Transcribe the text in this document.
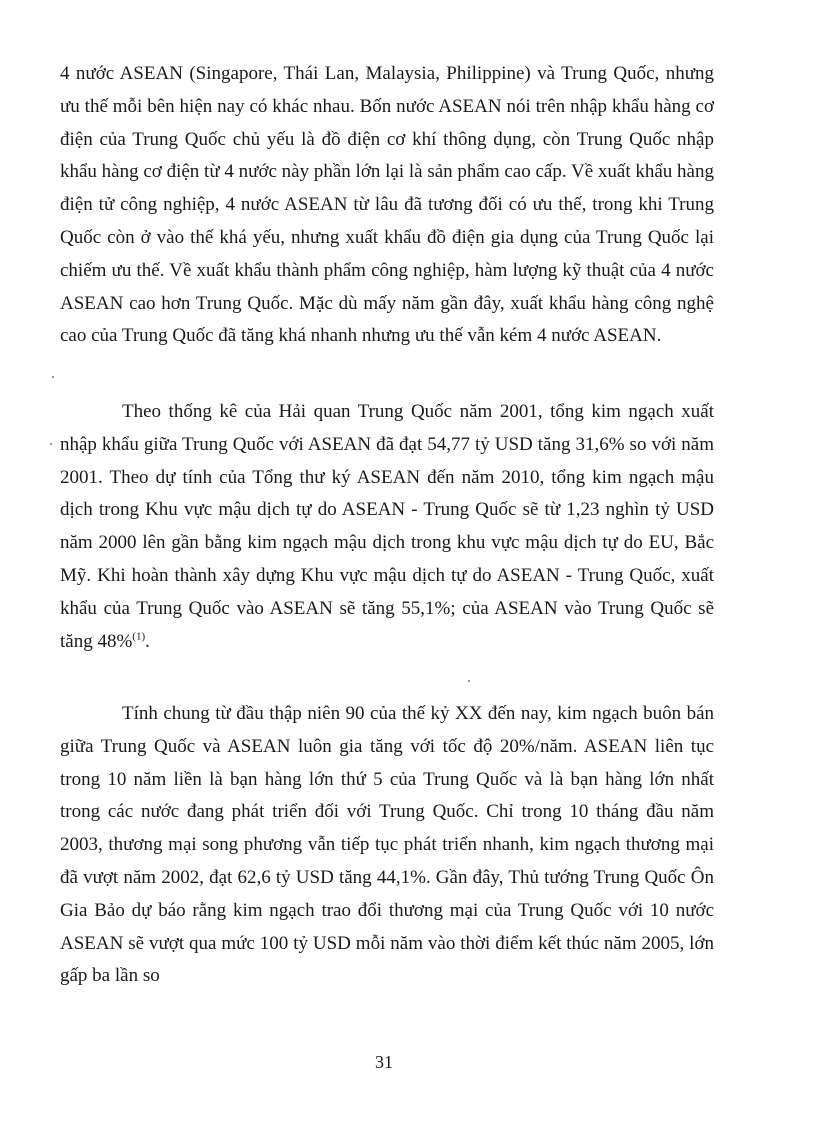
4 nước ASEAN (Singapore, Thái Lan, Malaysia, Philippine) và Trung Quốc, nhưng ưu thế mỗi bên hiện nay có khác nhau. Bốn nước ASEAN nói trên nhập khẩu hàng cơ điện của Trung Quốc chủ yếu là đồ điện cơ khí thông dụng, còn Trung Quốc nhập khẩu hàng cơ điện từ 4 nước này phần lớn lại là sản phẩm cao cấp. Về xuất khẩu hàng điện tử công nghiệp, 4 nước ASEAN từ lâu đã tương đối có ưu thế, trong khi Trung Quốc còn ở vào thế khá yếu, nhưng xuất khẩu đồ điện gia dụng của Trung Quốc lại chiếm ưu thế. Về xuất khẩu thành phẩm công nghiệp, hàm lượng kỹ thuật của 4 nước ASEAN cao hơn Trung Quốc. Mặc dù mấy năm gần đây, xuất khẩu hàng công nghệ cao của Trung Quốc đã tăng khá nhanh nhưng ưu thế vẫn kém 4 nước ASEAN.

Theo thống kê của Hải quan Trung Quốc năm 2001, tổng kim ngạch xuất nhập khẩu giữa Trung Quốc với ASEAN đã đạt 54,77 tỷ USD tăng 31,6% so với năm 2001. Theo dự tính của Tổng thư ký ASEAN đến năm 2010, tổng kim ngạch mậu dịch trong Khu vực mậu dịch tự do ASEAN - Trung Quốc sẽ từ 1,23 nghìn tỷ USD năm 2000 lên gần bằng kim ngạch mậu dịch trong khu vực mậu dịch tự do EU, Bắc Mỹ. Khi hoàn thành xây dựng Khu vực mậu dịch tự do ASEAN - Trung Quốc, xuất khẩu của Trung Quốc vào ASEAN sẽ tăng 55,1%; của ASEAN vào Trung Quốc sẽ tăng 48%$^{(1)}$.

Tính chung từ đầu thập niên 90 của thế kỷ XX đến nay, kim ngạch buôn bán giữa Trung Quốc và ASEAN luôn gia tăng với tốc độ 20%/năm. ASEAN liên tục trong 10 năm liền là bạn hàng lớn thứ 5 của Trung Quốc và là bạn hàng lớn nhất trong các nước đang phát triển đối với Trung Quốc. Chỉ trong 10 tháng đầu năm 2003, thương mại song phương vẫn tiếp tục phát triển nhanh, kim ngạch thương mại đã vượt năm 2002, đạt 62,6 tỷ USD tăng 44,1%. Gần đây, Thủ tướng Trung Quốc Ôn Gia Bảo dự báo rằng kim ngạch trao đổi thương mại của Trung Quốc với 10 nước ASEAN sẽ vượt qua mức 100 tỷ USD mỗi năm vào thời điểm kết thúc năm 2005, lớn gấp ba lần so

31
